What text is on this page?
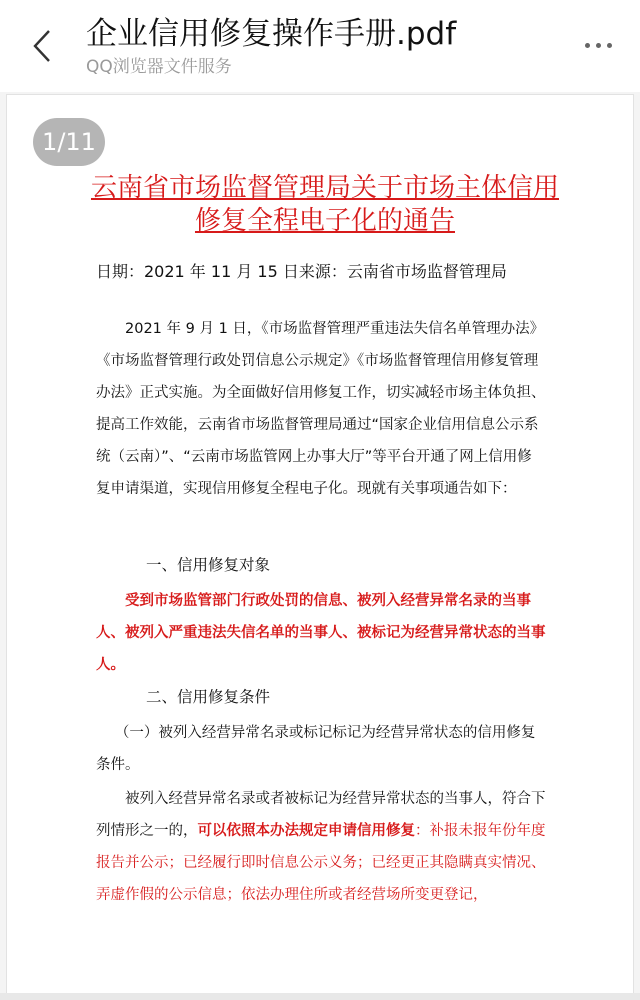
企业信用修复操作手册.pdf
QQ浏览器文件服务
1/11
云南省市场监督管理局关于市场主体信用修复全程电子化的通告
日期：2021 年 11 月 15 日来源：云南省市场监督管理局
2021 年 9 月 1 日，《市场监督管理严重违法失信名单管理办法》《市场监督管理行政处罚信息公示规定》《市场监督管理信用修复管理办法》正式实施。为全面做好信用修复工作，切实减轻市场主体负担、提高工作效能，云南省市场监督管理局通过“国家企业信用信息公示系统（云南）”、“云南市场监管网上办事大厅”等平台开通了网上信用修复申请渠道，实现信用修复全程电子化。现就有关事项通告如下：
一、信用修复对象
受到市场监管部门行政处罚的信息、被列入经营异常名录的当事人、被列入严重违法失信名单的当事人、被标记为经营异常状态的当事人。
二、信用修复条件
（一）被列入经营异常名录或标记标记为经营异常状态的信用修复条件。
被列入经营异常名录或者被标记为经营异常状态的当事人，符合下列情形之一的，可以依照本办法规定申请信用修复：补报未报年份年度报告并公示；已经履行即时信息公示义务；已经更正其隐瞒真实情况、弄虚作假的公示信息；依法办理住所或者经营场所变更登记，
